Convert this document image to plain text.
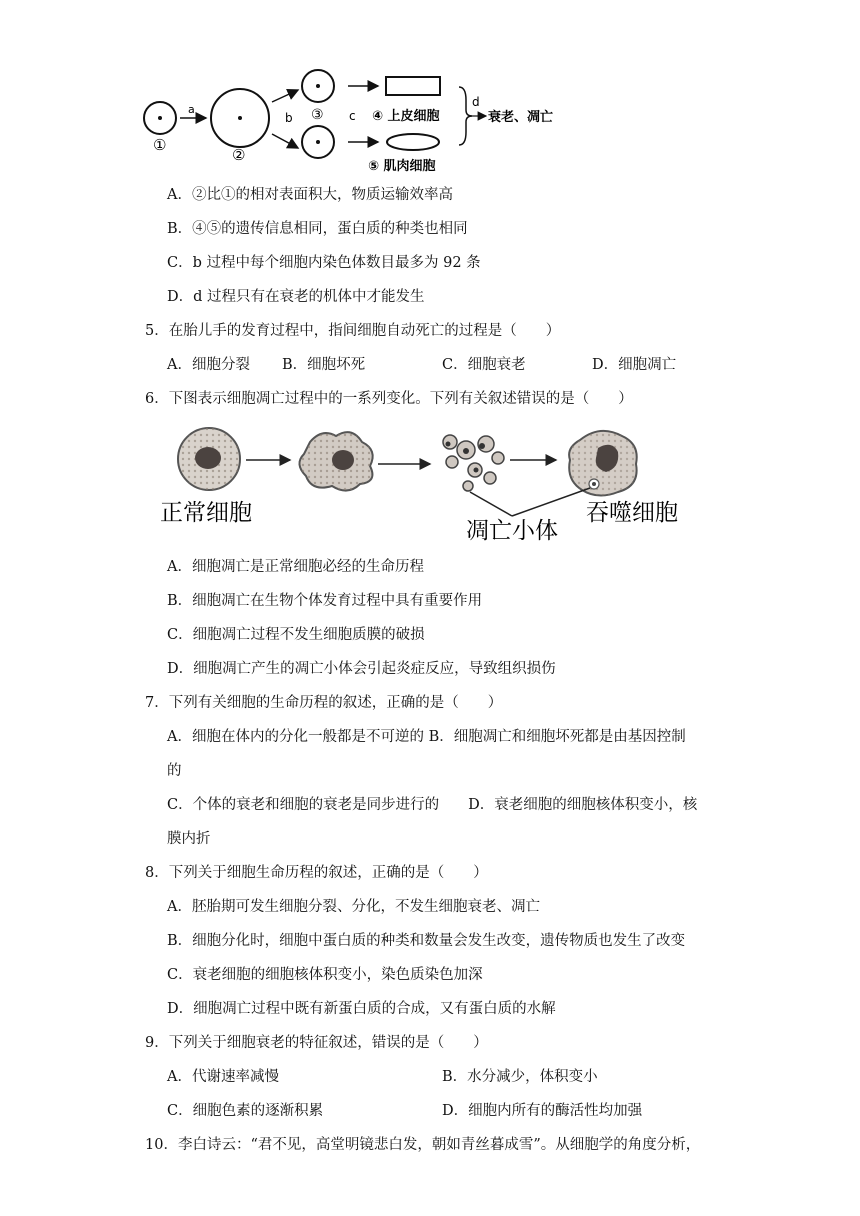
①
a
②
b ③ c ④ 上皮细胞
⑤ 肌肉细胞
d
衰老、凋亡
A．②比①的相对表面积大，物质运输效率高
B．④⑤的遗传信息相同，蛋白质的种类也相同
C．b 过程中每个细胞内染色体数目最多为 92 条
D．d 过程只有在衰老的机体中才能发生
5．在胎儿手的发育过程中，指间细胞自动死亡的过程是（　　）
A．细胞分裂 B．细胞坏死	C．细胞衰老	D．细胞凋亡
6．下图表示细胞凋亡过程中的一系列变化。下列有关叙述错误的是（　　）
正常细胞
凋亡小体
吞噬细胞
A．细胞凋亡是正常细胞必经的生命历程
B．细胞凋亡在生物个体发育过程中具有重要作用
C．细胞凋亡过程不发生细胞质膜的破损
D．细胞凋亡产生的凋亡小体会引起炎症反应，导致组织损伤
7．下列有关细胞的生命历程的叙述，正确的是（　　）
A．细胞在体内的分化一般都是不可逆的 B．细胞凋亡和细胞坏死都是由基因控制
的
C．个体的衰老和细胞的衰老是同步进行的　　D．衰老细胞的细胞核体积变小，核
膜内折
8．下列关于细胞生命历程的叙述，正确的是（　　）
A．胚胎期可发生细胞分裂、分化，不发生细胞衰老、凋亡
B．细胞分化时，细胞中蛋白质的种类和数量会发生改变，遗传物质也发生了改变
C．衰老细胞的细胞核体积变小，染色质染色加深
D．细胞凋亡过程中既有新蛋白质的合成，又有蛋白质的水解
9．下列关于细胞衰老的特征叙述，错误的是（　　）
A．代谢速率减慢	B．水分减少，体积变小
C．细胞色素的逐渐积累	D．细胞内所有的酶活性均加强
10．李白诗云：“君不见，高堂明镜悲白发，朝如青丝暮成雪”。从细胞学的角度分析，
